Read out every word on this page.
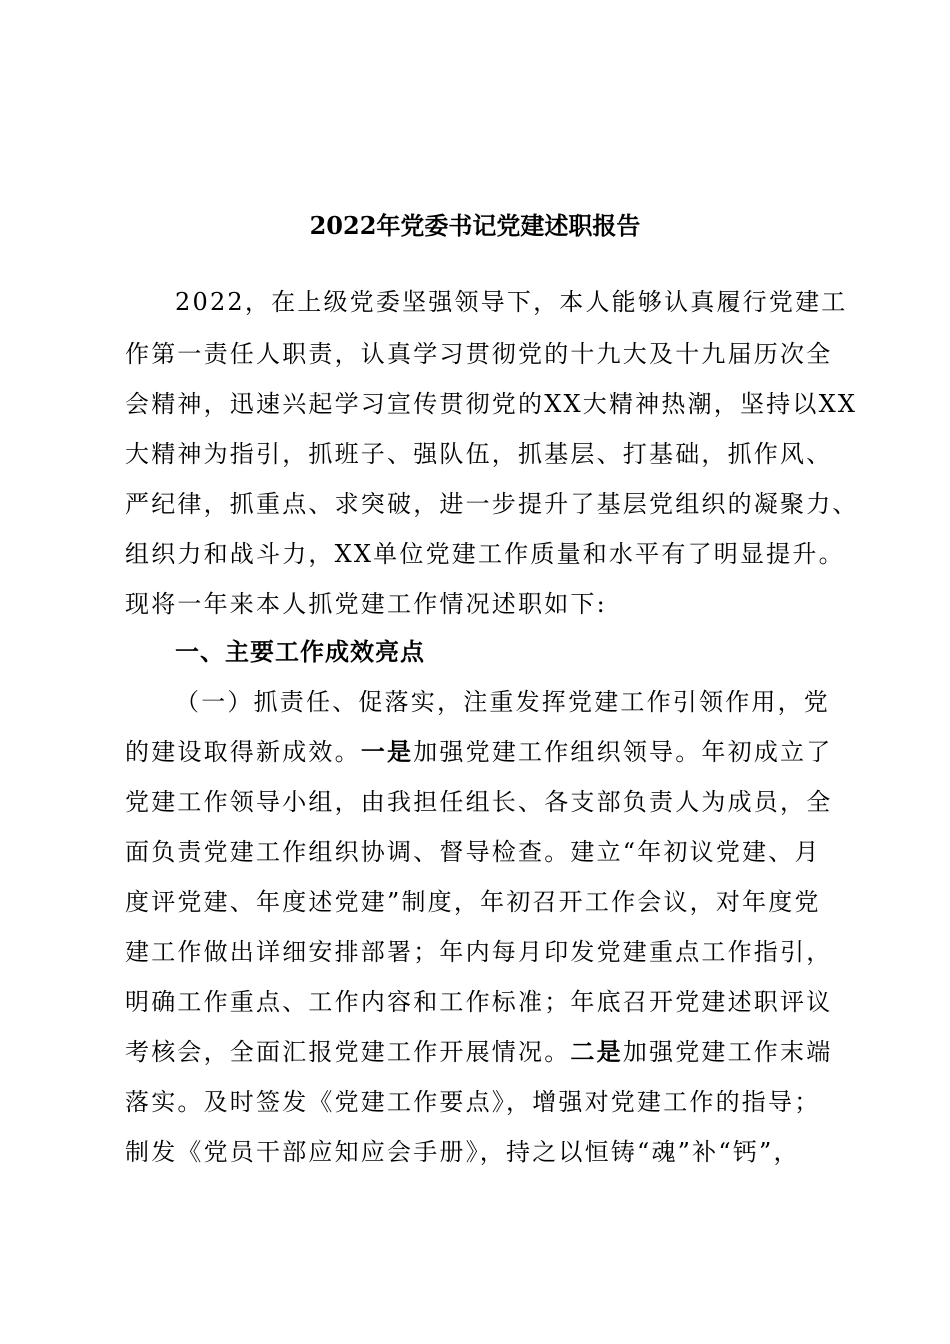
2022年党委书记党建述职报告
2022，在上级党委坚强领导下，本人能够认真履行党建工
作第一责任人职责，认真学习贯彻党的十九大及十九届历次全
会精神，迅速兴起学习宣传贯彻党的XX大精神热潮，坚持以XX
大精神为指引，抓班子、强队伍，抓基层、打基础，抓作风、
严纪律，抓重点、求突破，进一步提升了基层党组织的凝聚力、
组织力和战斗力，XX单位党建工作质量和水平有了明显提升。
现将一年来本人抓党建工作情况述职如下:
一、主要工作成效亮点
（一）抓责任、促落实，注重发挥党建工作引领作用，党
的建设取得新成效。一是加强党建工作组织领导。年初成立了
党建工作领导小组，由我担任组长、各支部负责人为成员，全
面负责党建工作组织协调、督导检查。建立“年初议党建、月
度评党建、年度述党建”制度，年初召开工作会议，对年度党
建工作做出详细安排部署；年内每月印发党建重点工作指引，
明确工作重点、工作内容和工作标准；年底召开党建述职评议
考核会，全面汇报党建工作开展情况。二是加强党建工作末端
落实。及时签发《党建工作要点》，增强对党建工作的指导；
制发《党员干部应知应会手册》，持之以恒铸“魂”补“钙”，
